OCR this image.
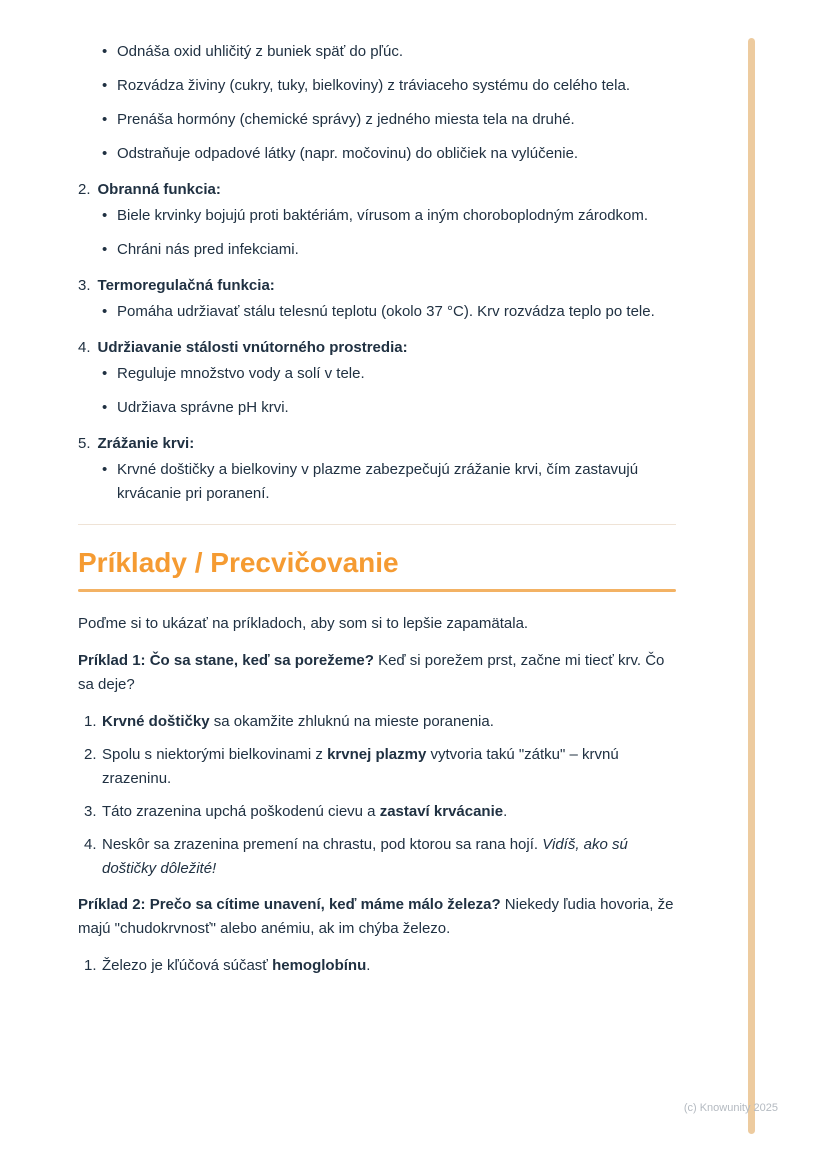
• Odnáša oxid uhličitý z buniek späť do pľúc.
• Rozvádza živiny (cukry, tuky, bielkoviny) z tráviaceho systému do celého tela.
• Prenáša hormóny (chemické správy) z jedného miesta tela na druhé.
• Odstraňuje odpadové látky (napr. močovinu) do obličiek na vylúčenie.
2. Obranná funkcia:
• Biele krvinky bojujú proti baktériám, vírusom a iným choroboplodným zárodkom.
• Chráni nás pred infekciami.
3. Termoregulačná funkcia:
• Pomáha udržiavať stálu telesnú teplotu (okolo 37 °C). Krv rozvádza teplo po tele.
4. Udržiavanie stálosti vnútorného prostredia:
• Reguluje množstvo vody a solí v tele.
• Udržiava správne pH krvi.
5. Zrážanie krvi:
• Krvné doštičky a bielkoviny v plazme zabezpečujú zrážanie krvi, čím zastavujú krvácanie pri poranení.
Príklady / Precvičovanie

Poďme si to ukázať na príkladoch, aby som si to lepšie zapamätala.

Príklad 1: Čo sa stane, keď sa porežeme? Keď si porežem prst, začne mi tiecť krv. Čo sa deje?

1. Krvné doštičky sa okamžite zhluknú na mieste poranenia.
2. Spolu s niektorými bielkovinami z krvnej plazmy vytvoria takú "zátku" – krvnú zrazeninu.
3. Táto zrazenina upchá poškodenú cievu a zastaví krvácanie.
4. Neskôr sa zrazenina premení na chrastu, pod ktorou sa rana hojí. Vidíš, ako sú doštičky dôležité!

Príklad 2: Prečo sa cítime unavení, keď máme málo železa? Niekedy ľudia hovoria, že majú "chudokrvnosť" alebo anémiu, ak im chýba železo.

1. Železo je kľúčová súčasť hemoglobínu.
(c) Knowunity 2025
